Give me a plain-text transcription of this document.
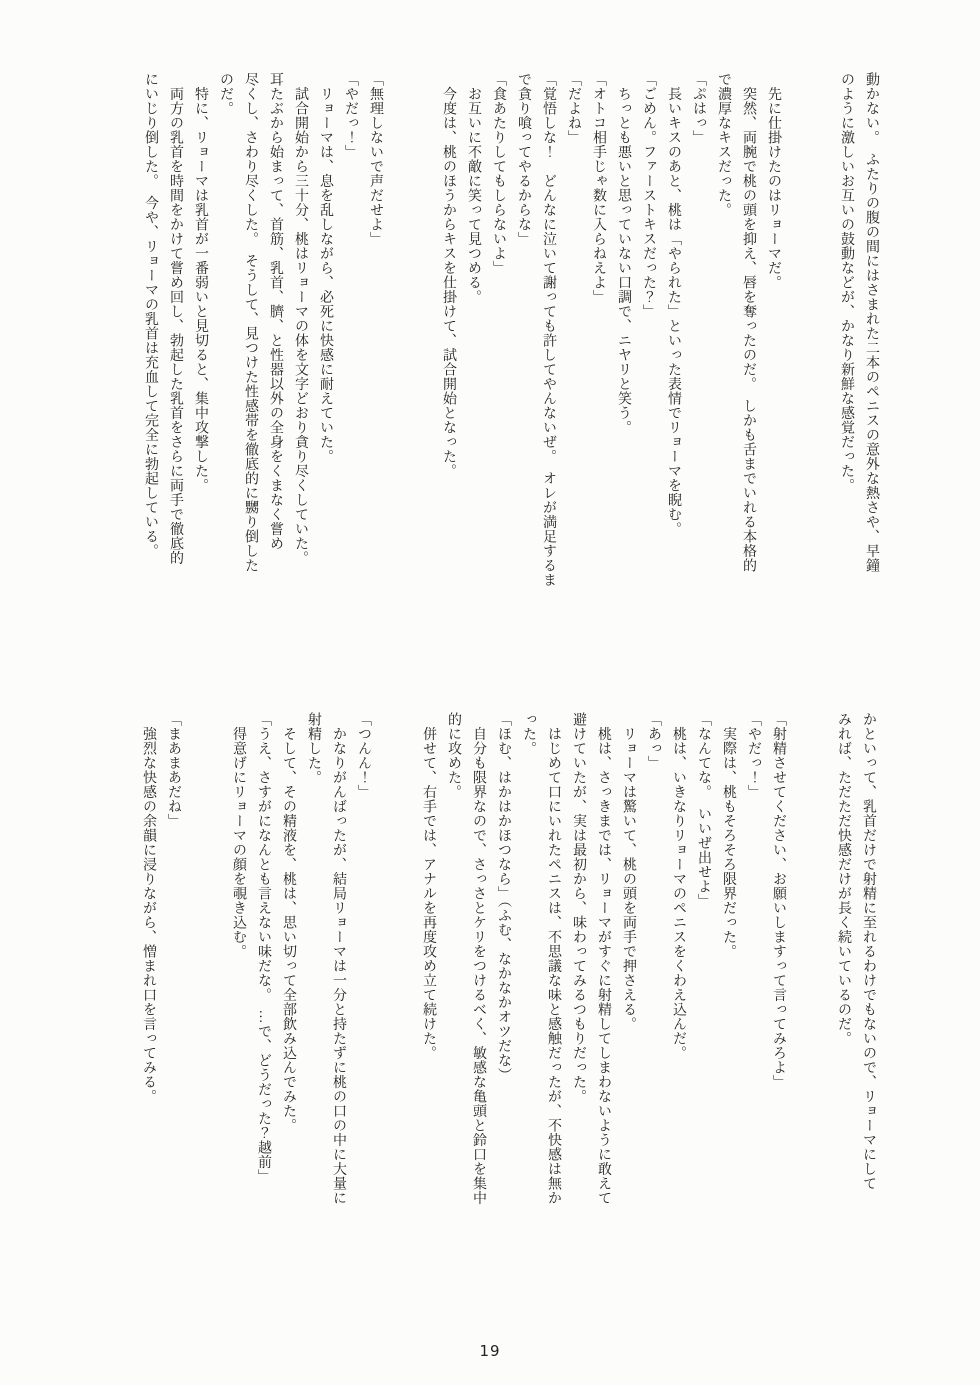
動かない。　ふたりの腹の間にはさまれた二本のペニスの意外な熱さや、早鐘
のように激しいお互いの鼓動などが、かなり新鮮な感覚だった。
　先に仕掛けたのはリョーマだ。
　突然、両腕で桃の頭を抑え、唇を奪ったのだ。　しかも舌までいれる本格的
で濃厚なキスだった。
「ぷはっ」
　長いキスのあと、桃は「やられた」といった表情でリョーマを睨む。
「ごめん。ファーストキスだった？」
　ちっとも悪いと思っていない口調で、ニヤリと笑う。
「オトコ相手じゃ数に入らねえよ」
「だよね」
「覚悟しな！　どんなに泣いて謝っても許してやんないぜ。　オレが満足するま
で貪り喰ってやるからな」
「食あたりしてもしらないよ」
　お互いに不敵に笑って見つめる。
　今度は、桃のほうからキスを仕掛けて、試合開始となった。
「無理しないで声だせよ」
「やだっ！」
　リョーマは、息を乱しながら、必死に快感に耐えていた。
　試合開始から三十分、桃はリョーマの体を文字どおり貪り尽くしていた。
耳たぶから始まって、首筋、乳首、臍、と性器以外の全身をくまなく嘗め
尽くし、さわり尽くした。　そうして、見つけた性感帯を徹底的に嬲り倒した
のだ。
　特に、リョーマは乳首が一番弱いと見切ると、集中攻撃した。
　両方の乳首を時間をかけて嘗め回し、勃起した乳首をさらに両手で徹底的
にいじり倒した。　今や、リョーマの乳首は充血して完全に勃起している。
かといって、乳首だけで射精に至れるわけでもないので、リョーマにして
みれば、ただただ快感だけが長く続いているのだ。
「射精させてください、お願いしますって言ってみろよ」
「やだっ！」
　実際は、桃もそろそろ限界だった。
「なんてな。　いいぜ出せよ」
　桃は、いきなりリョーマのペニスをくわえ込んだ。
「あっ」
　リョーマは驚いて、桃の頭を両手で押さえる。
　桃は、さっきまでは、リョーマがすぐに射精してしまわないように敢えて
避けていたが、実は最初から、味わってみるつもりだった。
　はじめて口にいれたペニスは、不思議な味と感触だったが、不快感は無か
った。
「ほむ、はかはかほつなら」（ふむ、なかなかオツだな）
　自分も限界なので、さっさとケリをつけるべく、敏感な亀頭と鈴口を集中
的に攻めた。
　併せて、右手では、アナルを再度攻め立て続けた。
「つんん！」
　かなりがんばったが、結局リョーマは一分と持たずに桃の口の中に大量に
射精した。
　そして、その精液を、桃は、思い切って全部飲み込んでみた。
「うえ、さすがになんとも言えない味だな。　…で、どうだった？越前」
　得意げにリョーマの顔を覗き込む。
「まあまあだね」
　強烈な快感の余韻に浸りながら、憎まれ口を言ってみる。
19
